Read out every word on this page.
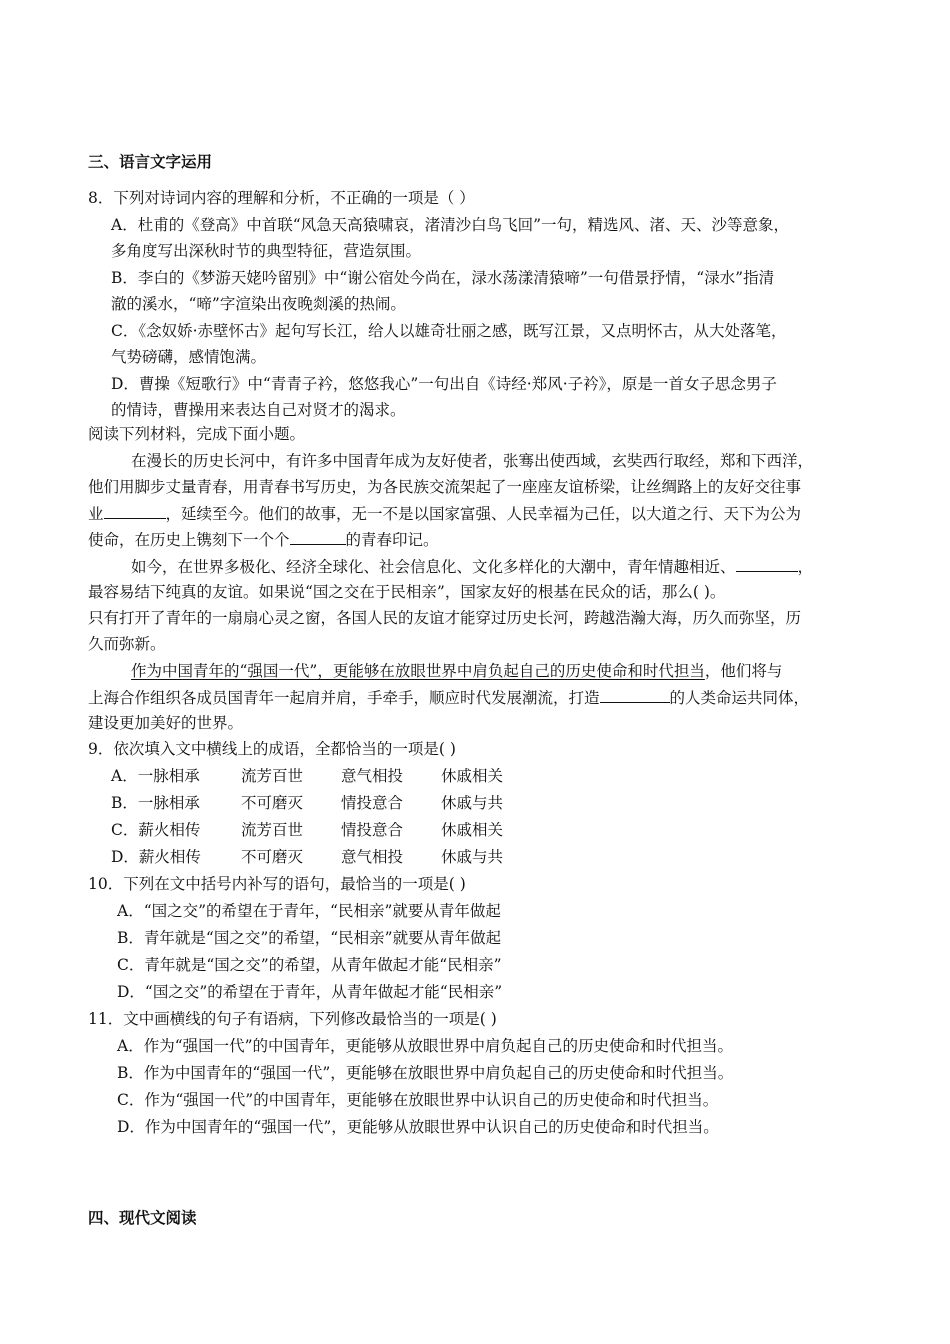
三、语言文字运用
8．下列对诗词内容的理解和分析，不正确的一项是（ ）
A．杜甫的《登高》中首联“风急天高猿啸哀，渚清沙白鸟飞回”一句，精选风、渚、天、沙等意象，
多角度写出深秋时节的典型特征，营造氛围。
B．李白的《梦游天姥吟留别》中“谢公宿处今尚在，渌水荡漾清猿啼”一句借景抒情，“渌水”指清
澈的溪水，“啼”字渲染出夜晚剡溪的热闹。
C．《念奴娇·赤壁怀古》起句写长江，给人以雄奇壮丽之感，既写江景，又点明怀古，从大处落笔，
气势磅礴，感情饱满。
D．曹操《短歌行》中“青青子衿，悠悠我心”一句出自《诗经·郑风·子衿》，原是一首女子思念男子
的情诗，曹操用来表达自己对贤才的渴求。
阅读下列材料，完成下面小题。
在漫长的历史长河中，有许多中国青年成为友好使者，张骞出使西域，玄奘西行取经，郑和下西洋，
他们用脚步丈量青春，用青春书写历史，为各民族交流架起了一座座友谊桥梁，让丝绸路上的友好交往事
业	，延续至今。他们的故事，无一不是以国家富强、人民幸福为己任，以大道之行、天下为公为
使命，在历史上镌刻下一个个	的青春印记。
如今，在世界多极化、经济全球化、社会信息化、文化多样化的大潮中，青年情趣相近、	，
最容易结下纯真的友谊。如果说“国之交在于民相亲”，国家友好的根基在民众的话，那么( )。
只有打开了青年的一扇扇心灵之窗，各国人民的友谊才能穿过历史长河，跨越浩瀚大海，历久而弥坚，历
久而弥新。
作为中国青年的“强国一代”，更能够在放眼世界中肩负起自己的历史使命和时代担当，他们将与
上海合作组织各成员国青年一起肩并肩，手牵手，顺应时代发展潮流，打造	的人类命运共同体，
建设更加美好的世界。
9．依次填入文中横线上的成语，全都恰当的一项是( )
A．一脉相承	流芳百世 意气相投 休戚相关
B．一脉相承	不可磨灭 情投意合 休戚与共
C．薪火相传	流芳百世 情投意合 休戚相关
D．薪火相传	不可磨灭 意气相投 休戚与共
10．下列在文中括号内补写的语句，最恰当的一项是( )
A．“国之交”的希望在于青年，“民相亲”就要从青年做起
B．青年就是“国之交”的希望，“民相亲”就要从青年做起
C．青年就是“国之交”的希望，从青年做起才能“民相亲”
D．“国之交”的希望在于青年，从青年做起才能“民相亲”
11．文中画横线的句子有语病，下列修改最恰当的一项是( )
A．作为“强国一代”的中国青年，更能够从放眼世界中肩负起自己的历史使命和时代担当。
B．作为中国青年的“强国一代”，更能够在放眼世界中肩负起自己的历史使命和时代担当。
C．作为“强国一代”的中国青年，更能够在放眼世界中认识自己的历史使命和时代担当。
D．作为中国青年的“强国一代”，更能够从放眼世界中认识自己的历史使命和时代担当。
四、现代文阅读
